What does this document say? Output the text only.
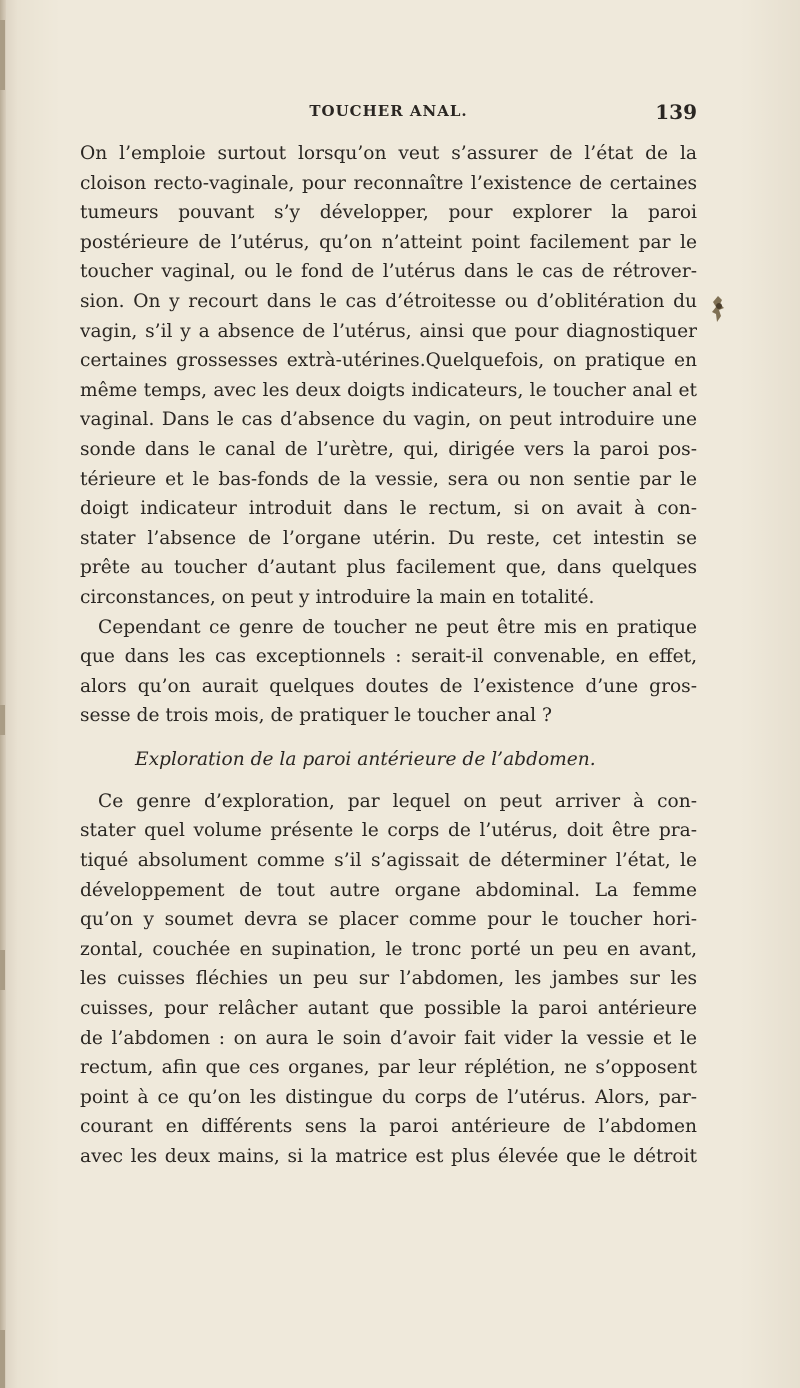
TOUCHER ANAL.	139
On l’emploie surtout lorsqu’on veut s’assurer de l’état de la
cloison recto-vaginale, pour reconnaître l’existence de certaines
tumeurs pouvant s’y développer, pour explorer la paroi
postérieure de l’utérus, qu’on n’atteint point facilement par le
toucher vaginal, ou le fond de l’utérus dans le cas de rétrover-
sion. On y recourt dans le cas d’étroitesse ou d’oblitération du
vagin, s’il y a absence de l’utérus, ainsi que pour diagnostiquer
certaines grossesses extrà-utérines.Quelquefois, on pratique en
même temps, avec les deux doigts indicateurs, le toucher anal et
vaginal. Dans le cas d’absence du vagin, on peut introduire une
sonde dans le canal de l’urètre, qui, dirigée vers la paroi pos-
térieure et le bas-fonds de la vessie, sera ou non sentie par le
doigt indicateur introduit dans le rectum, si on avait à con-
stater l’absence de l’organe utérin. Du reste, cet intestin se
prête au toucher d’autant plus facilement que, dans quelques
circonstances, on peut y introduire la main en totalité.
Cependant ce genre de toucher ne peut être mis en pratique
que dans les cas exceptionnels : serait-il convenable, en effet,
alors qu’on aurait quelques doutes de l’existence d’une gros-
sesse de trois mois, de pratiquer le toucher anal ?
Exploration de la paroi antérieure de l’abdomen.
Ce genre d’exploration, par lequel on peut arriver à con-
stater quel volume présente le corps de l’utérus, doit être pra-
tiqué absolument comme s’il s’agissait de déterminer l’état, le
développement de tout autre organe abdominal. La femme
qu’on y soumet devra se placer comme pour le toucher hori-
zontal, couchée en supination, le tronc porté un peu en avant,
les cuisses fléchies un peu sur l’abdomen, les jambes sur les
cuisses, pour relâcher autant que possible la paroi antérieure
de l’abdomen : on aura le soin d’avoir fait vider la vessie et le
rectum, afin que ces organes, par leur réplétion, ne s’opposent
point à ce qu’on les distingue du corps de l’utérus. Alors, par-
courant en différents sens la paroi antérieure de l’abdomen
avec les deux mains, si la matrice est plus élevée que le détroit
